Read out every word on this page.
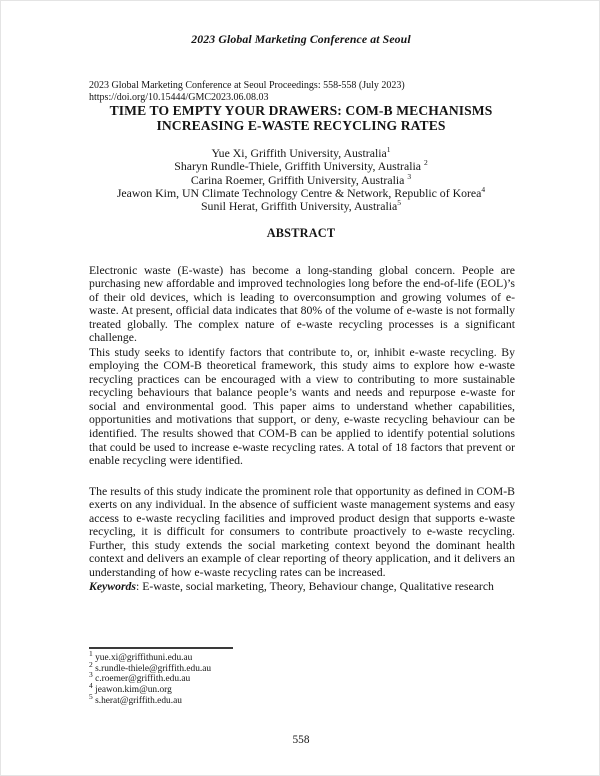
2023 Global Marketing Conference at Seoul
2023 Global Marketing Conference at Seoul Proceedings: 558-558 (July 2023)
https://doi.org/10.15444/GMC2023.06.08.03
TIME TO EMPTY YOUR DRAWERS: COM-B MECHANISMS
INCREASING E-WASTE RECYCLING RATES
Yue Xi, Griffith University, Australia$^1$
Sharyn Rundle-Thiele, Griffith University, Australia $^2$
Carina Roemer, Griffith University, Australia $^3$
Jeawon Kim, UN Climate Technology Centre & Network, Republic of Korea$^4$
Sunil Herat, Griffith University, Australia$^5$
ABSTRACT

Electronic waste (E-waste) has become a long-standing global concern. People are purchasing new affordable and improved technologies long before the end-of-life (EOL)’s of their old devices, which is leading to overconsumption and growing volumes of e-waste. At present, official data indicates that 80% of the volume of e-waste is not formally treated globally. The complex nature of e-waste recycling processes is a significant challenge.

This study seeks to identify factors that contribute to, or, inhibit e-waste recycling. By employing the COM-B theoretical framework, this study aims to explore how e-waste recycling practices can be encouraged with a view to contributing to more sustainable recycling behaviours that balance people’s wants and needs and repurpose e-waste for social and environmental good. This paper aims to understand whether capabilities, opportunities and motivations that support, or deny, e-waste recycling behaviour can be identified. The results showed that COM-B can be applied to identify potential solutions that could be used to increase e-waste recycling rates. A total of 18 factors that prevent or enable recycling were identified.

The results of this study indicate the prominent role that opportunity as defined in COM-B exerts on any individual. In the absence of sufficient waste management systems and easy access to e-waste recycling facilities and improved product design that supports e-waste recycling, it is difficult for consumers to contribute proactively to e-waste recycling. Further, this study extends the social marketing context beyond the dominant health context and delivers an example of clear reporting of theory application, and it delivers an understanding of how e-waste recycling rates can be increased.

Keywords: E-waste, social marketing, Theory, Behaviour change, Qualitative research
$^1$ yue.xi@griffithuni.edu.au
$^2$ s.rundle-thiele@griffith.edu.au
$^3$ c.roemer@griffith.edu.au
$^4$ jeawon.kim@un.org
$^5$ s.herat@griffith.edu.au
558
